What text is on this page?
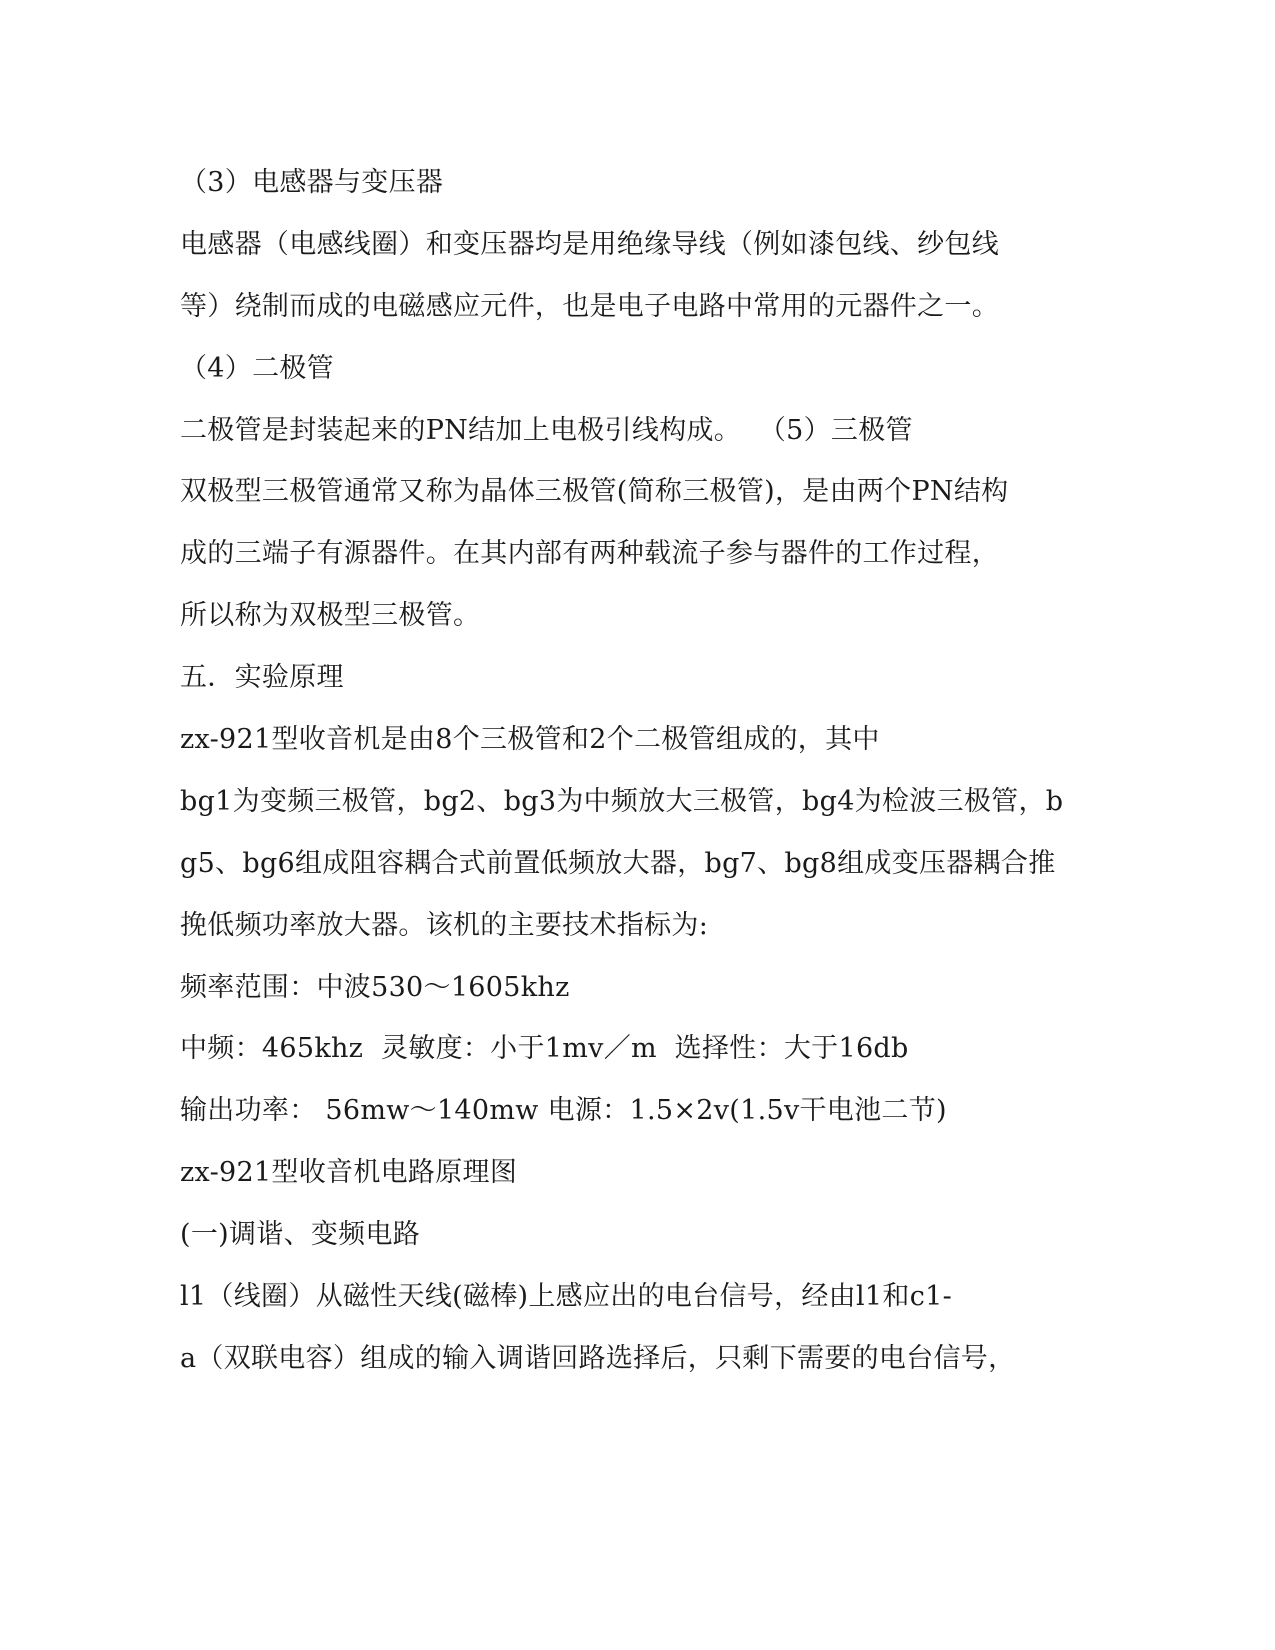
（3）电感器与变压器
电感器（电感线圈）和变压器均是用绝缘导线（例如漆包线、纱包线
等）绕制而成的电磁感应元件，也是电子电路中常用的元器件之一。
（4）二极管
二极管是封装起来的PN结加上电极引线构成。  （5）三极管
双极型三极管通常又称为晶体三极管(简称三极管)，是由两个PN结构
成的三端子有源器件。在其内部有两种载流子参与器件的工作过程，
所以称为双极型三极管。
五．实验原理
zx-921型收音机是由8个三极管和2个二极管组成的，其中
bg1为变频三极管，bg2、bg3为中频放大三极管，bg4为检波三极管，b
g5、bg6组成阻容耦合式前置低频放大器，bg7、bg8组成变压器耦合推
挽低频功率放大器。该机的主要技术指标为:
频率范围：中波530～1605khz
中频：465khz  灵敏度：小于1mv／m  选择性：大于16db
输出功率： 56mw～140mw 电源：1.5×2v(1.5v干电池二节)
zx-921型收音机电路原理图
(一)调谐、变频电路
l1（线圈）从磁性天线(磁棒)上感应出的电台信号，经由l1和c1-
a（双联电容）组成的输入调谐回路选择后，只剩下需要的电台信号，
